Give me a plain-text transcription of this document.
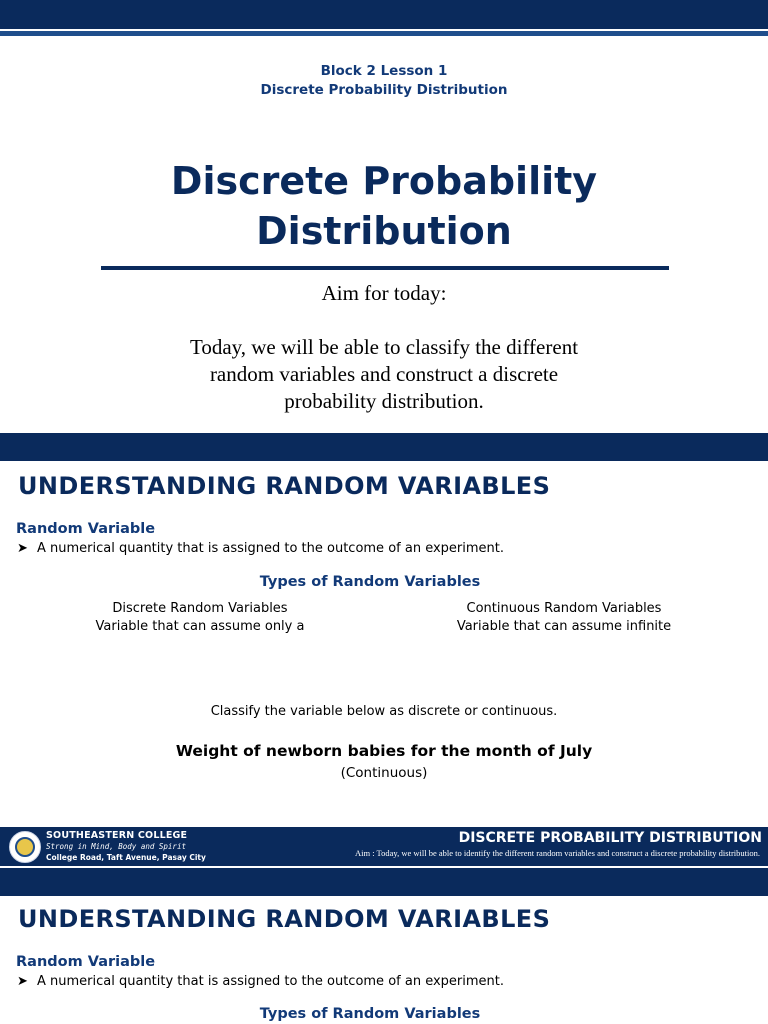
Block 2 Lesson 1
Discrete Probability Distribution
Discrete Probability
Distribution
Aim for today:
Today, we will be able to classify the different
random variables and construct a discrete
probability distribution.
UNDERSTANDING RANDOM VARIABLES
Random Variable
➤ A numerical quantity that is assigned to the outcome of an experiment.
Types of Random Variables
Discrete Random Variables
Variable that can assume only a
Continuous Random Variables
Variable that can assume infinite
Classify the variable below as discrete or continuous.
Weight of newborn babies for the month of July
(Continuous)
SOUTHEASTERN COLLEGE
Strong in Mind, Body and Spirit
College Road, Taft Avenue, Pasay City
DISCRETE PROBABILITY DISTRIBUTION
Aim : Today, we will be able to identify the different random variables and construct a discrete probability distribution.
UNDERSTANDING RANDOM VARIABLES
Random Variable
➤ A numerical quantity that is assigned to the outcome of an experiment.
Types of Random Variables
